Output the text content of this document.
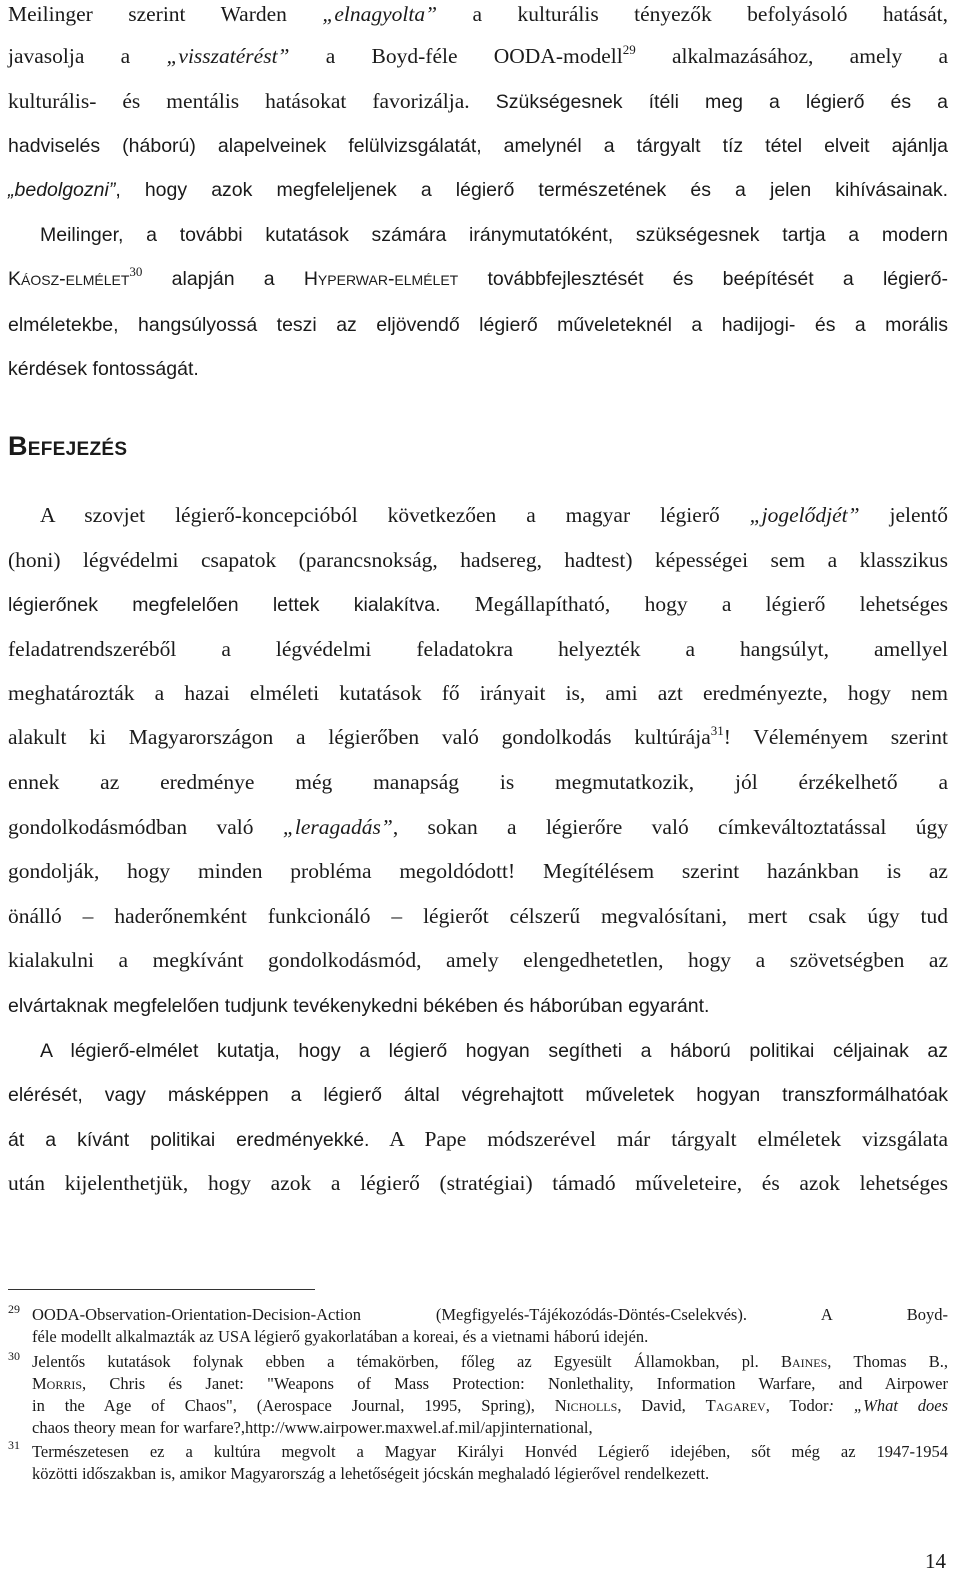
Meilinger szerint Warden „elnagyolta” a kulturális tényezők befolyásoló hatását,
javasolja a „visszatérést” a Boyd-féle OODA-modell$^{29}$ alkalmazásához, amely a
kulturális- és mentális hatásokat favorizálja. Szükségesnek ítéli meg a légierő és a
hadviselés (háború) alapelveinek felülvizsgálatát, amelynél a tárgyalt tíz tétel elveit ajánlja
„bedolgozni”, hogy azok megfeleljenek a légierő természetének és a jelen kihívásainak.
Meilinger, a további kutatások számára iránymutatóként, szükségesnek tartja a modern
Káosz-elmélet$^{30}$ alapján a Hyperwar-elmélet továbbfejlesztését és beépítését a légierő-
elméletekbe, hangsúlyossá teszi az eljövendő légierő műveleteknél a hadijogi- és a morális
kérdések fontosságát.
Befejezés
A szovjet légierő-koncepcióból következően a magyar légierő „jogelődjét” jelentő
(honi) légvédelmi csapatok (parancsnokság, hadsereg, hadtest) képességei sem a klasszikus
légierőnek megfelelően lettek kialakítva. Megállapítható, hogy a légierő lehetséges
feladatrendszeréből a légvédelmi feladatokra helyezték a hangsúlyt, amellyel
meghatározták a hazai elméleti kutatások fő irányait is, ami azt eredményezte, hogy nem
alakult ki Magyarországon a légierőben való gondolkodás kultúrája$^{31}$! Véleményem szerint
ennek az eredménye még manapság is megmutatkozik, jól érzékelhető a
gondolkodásmódban való „leragadás”, sokan a légierőre való címkeváltoztatással úgy
gondolják, hogy minden probléma megoldódott! Megítélésem szerint hazánkban is az
önálló – haderőnemként funkcionáló – légierőt célszerű megvalósítani, mert csak úgy tud
kialakulni a megkívánt gondolkodásmód, amely elengedhetetlen, hogy a szövetségben az
elvártaknak megfelelően tudjunk tevékenykedni békében és háborúban egyaránt.
A légierő-elmélet kutatja, hogy a légierő hogyan segítheti a háború politikai céljainak az
elérését, vagy másképpen a légierő által végrehajtott műveletek hogyan transzformálhatóak
át a kívánt politikai eredményekké. A Pape módszerével már tárgyalt elméletek vizsgálata
után kijelenthetjük, hogy azok a légierő (stratégiai) támadó műveleteire, és azok lehetséges
29 OODA-Observation-Orientation-Decision-Action (Megfigyelés-Tájékozódás-Döntés-Cselekvés). A Boyd-
féle modellt alkalmazták az USA légierő gyakorlatában a koreai, és a vietnami háború idején.
30 Jelentős kutatások folynak ebben a témakörben, főleg az Egyesült Államokban, pl. Baines, Thomas B.,
Morris, Chris és Janet: "Weapons of Mass Protection: Nonlethality, Information Warfare, and Airpower
in the Age of Chaos", (Aerospace Journal, 1995, Spring), Nicholls, David, Tagarev, Todor: „What does
chaos theory mean for warfare?,http://www.airpower.maxwel.af.mil/apjinternational,
31 Természetesen ez a kultúra megvolt a Magyar Királyi Honvéd Légierő idejében, sőt még az 1947-1954
közötti időszakban is, amikor Magyarország a lehetőségeit jócskán meghaladó légierővel rendelkezett.
14
